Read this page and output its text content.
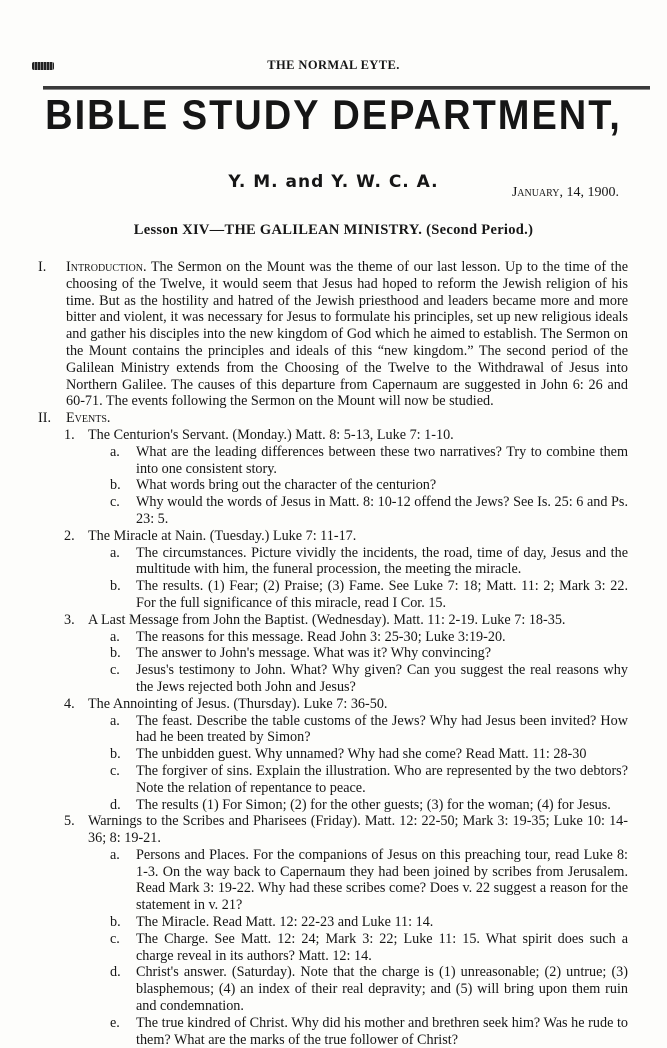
THE NORMAL EYTE.
BIBLE STUDY DEPARTMENT,
Y. M. and Y. W. C. A.
January, 14, 1900.
Lesson XIV—THE GALILEAN MINISTRY. (Second Period.)
I. Introduction. The Sermon on the Mount was the theme of our last lesson. Up to the time of the choosing of the Twelve, it would seem that Jesus had hoped to reform the Jewish religion of his time. But as the hostility and hatred of the Jewish priesthood and leaders became more and more bitter and violent, it was necessary for Jesus to formulate his principles, set up new religious ideals and gather his disciples into the new kingdom of God which he aimed to establish. The Sermon on the Mount contains the principles and ideals of this “new kingdom.” The second period of the Galilean Ministry extends from the Choosing of the Twelve to the Withdrawal of Jesus into Northern Galilee. The causes of this departure from Capernaum are suggested in John 6: 26 and 60-71. The events following the Sermon on the Mount will now be studied.
II. Events.
1. The Centurion's Servant. (Monday.) Matt. 8: 5-13, Luke 7: 1-10.
a. What are the leading differences between these two narratives? Try to combine them into one consistent story.
b. What words bring out the character of the centurion?
c. Why would the words of Jesus in Matt. 8: 10-12 offend the Jews? See Is. 25: 6 and Ps. 23: 5.
2. The Miracle at Nain. (Tuesday.) Luke 7: 11-17.
a. The circumstances. Picture vividly the incidents, the road, time of day, Jesus and the multitude with him, the funeral procession, the meeting the miracle.
b. The results. (1) Fear; (2) Praise; (3) Fame. See Luke 7: 18; Matt. 11: 2; Mark 3: 22. For the full significance of this miracle, read I Cor. 15.
3. A Last Message from John the Baptist. (Wednesday). Matt. 11: 2-19. Luke 7: 18-35.
a. The reasons for this message. Read John 3: 25-30; Luke 3:19-20.
b. The answer to John's message. What was it? Why convincing?
c. Jesus's testimony to John. What? Why given? Can you suggest the real reasons why the Jews rejected both John and Jesus?
4. The Annointing of Jesus. (Thursday). Luke 7: 36-50.
a. The feast. Describe the table customs of the Jews? Why had Jesus been invited? How had he been treated by Simon?
b. The unbidden guest. Why unnamed? Why had she come? Read Matt. 11: 28-30
c. The forgiver of sins. Explain the illustration. Who are represented by the two debtors? Note the relation of repentance to peace.
d. The results (1) For Simon; (2) for the other guests; (3) for the woman; (4) for Jesus.
5. Warnings to the Scribes and Pharisees (Friday). Matt. 12: 22-50; Mark 3: 19-35; Luke 10: 14-36; 8: 19-21.
a. Persons and Places. For the companions of Jesus on this preaching tour, read Luke 8: 1-3. On the way back to Capernaum they had been joined by scribes from Jerusalem. Read Mark 3: 19-22. Why had these scribes come? Does v. 22 suggest a reason for the statement in v. 21?
b. The Miracle. Read Matt. 12: 22-23 and Luke 11: 14.
c. The Charge. See Matt. 12: 24; Mark 3: 22; Luke 11: 15. What spirit does such a charge reveal in its authors? Matt. 12: 14.
d. Christ's answer. (Saturday). Note that the charge is (1) unreasonable; (2) untrue; (3) blasphemous; (4) an index of their real depravity; and (5) will bring upon them ruin and condemnation.
e. The true kindred of Christ. Why did his mother and brethren seek him? Was he rude to them? What are the marks of the true follower of Christ?
